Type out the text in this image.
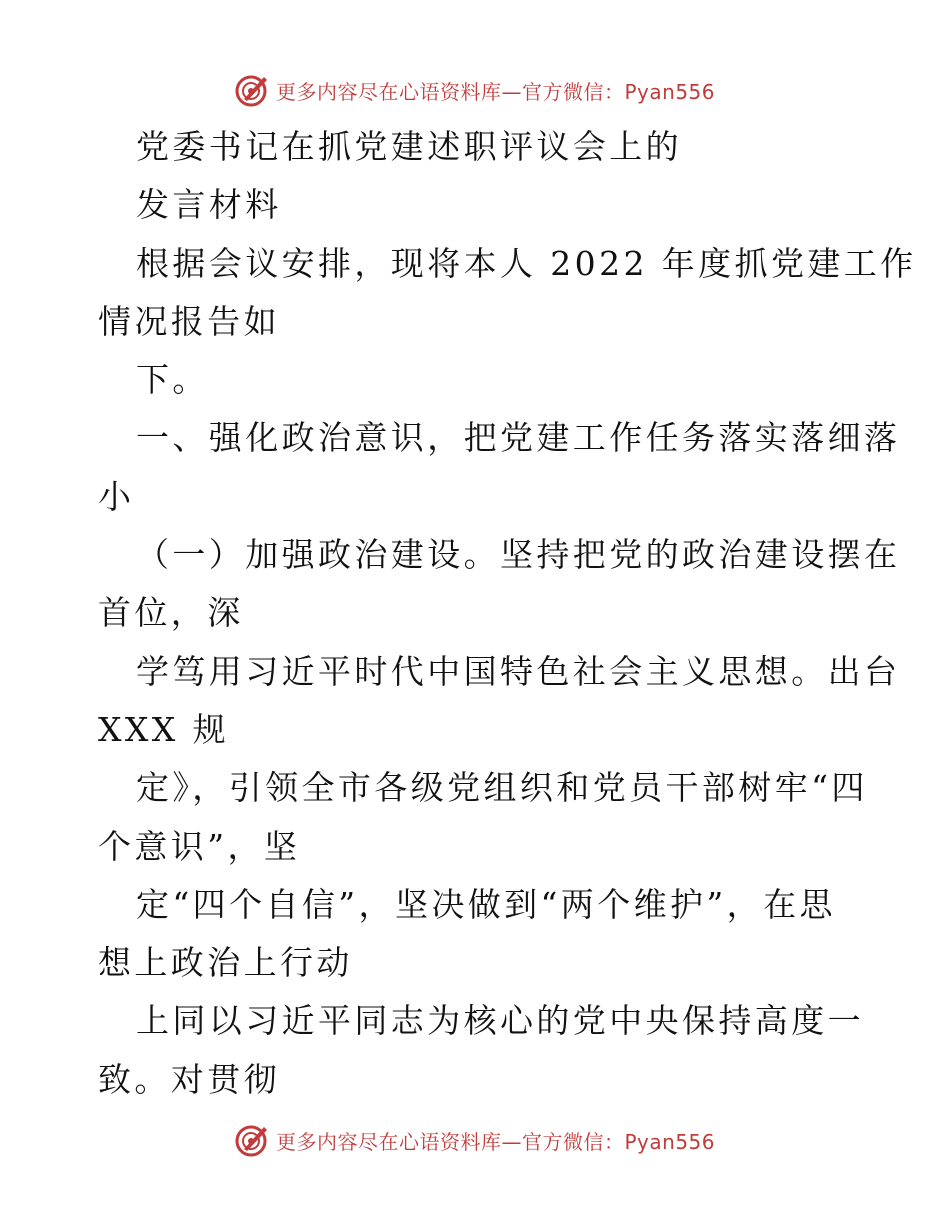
更多内容尽在心语资料库—官方微信：Pyan556
党委书记在抓党建述职评议会上的
发言材料
根据会议安排，现将本人 2022 年度抓党建工作
情况报告如
下。
一、强化政治意识，把党建工作任务落实落细落
小
（一）加强政治建设。坚持把党的政治建设摆在
首位，深
学笃用习近平时代中国特色社会主义思想。出台
XXX 规
定》，引领全市各级党组织和党员干部树牢“四
个意识”，坚
定“四个自信”，坚决做到“两个维护”，在思
想上政治上行动
上同以习近平同志为核心的党中央保持高度一
致。对贯彻
更多内容尽在心语资料库—官方微信：Pyan556
